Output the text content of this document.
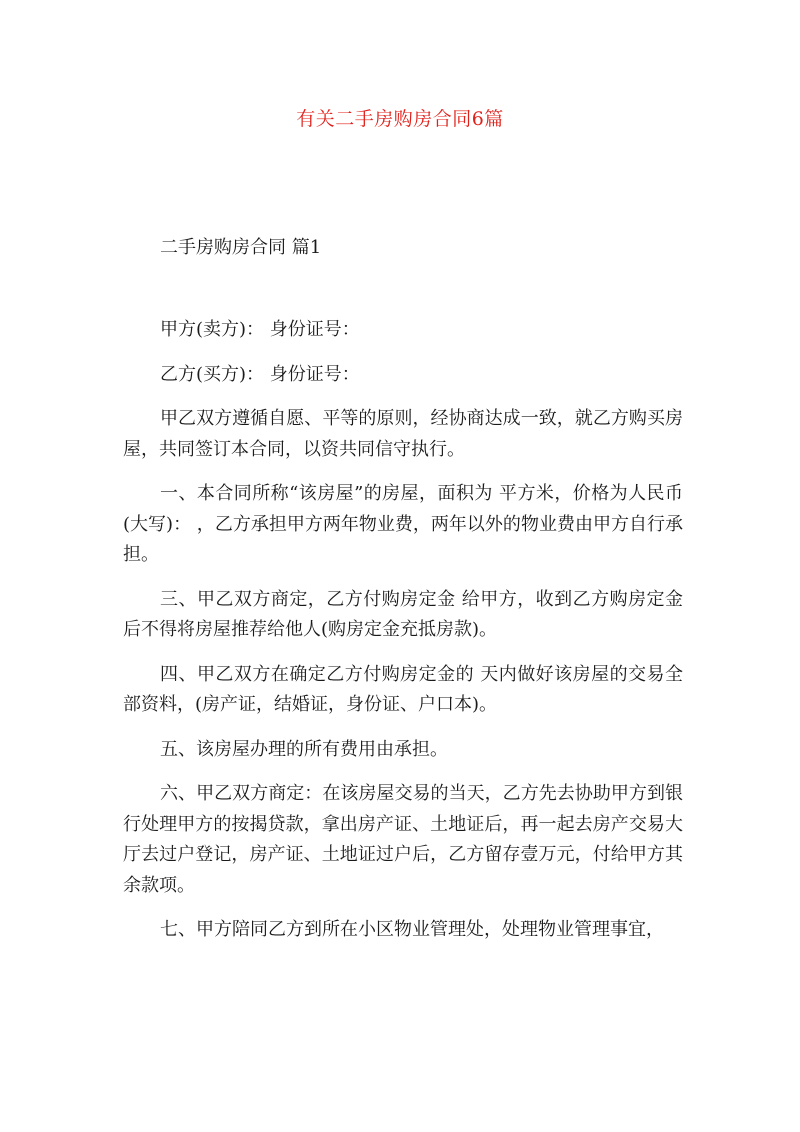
有关二手房购房合同6篇
二手房购房合同 篇1

甲方(卖方)： 身份证号：

乙方(买方)： 身份证号：

甲乙双方遵循自愿、平等的原则，经协商达成一致，就乙方购买房屋，共同签订本合同，以资共同信守执行。

一、本合同所称“该房屋”的房屋，面积为 平方米，价格为人民币(大写)： ，乙方承担甲方两年物业费，两年以外的物业费由甲方自行承担。

三、甲乙双方商定，乙方付购房定金 给甲方，收到乙方购房定金后不得将房屋推荐给他人(购房定金充抵房款)。

四、甲乙双方在确定乙方付购房定金的 天内做好该房屋的交易全部资料，(房产证，结婚证，身份证、户口本)。

五、该房屋办理的所有费用由承担。

六、甲乙双方商定：在该房屋交易的当天，乙方先去协助甲方到银行处理甲方的按揭贷款，拿出房产证、土地证后，再一起去房产交易大厅去过户登记，房产证、土地证过户后，乙方留存壹万元，付给甲方其余款项。

七、甲方陪同乙方到所在小区物业管理处，处理物业管理事宜，
